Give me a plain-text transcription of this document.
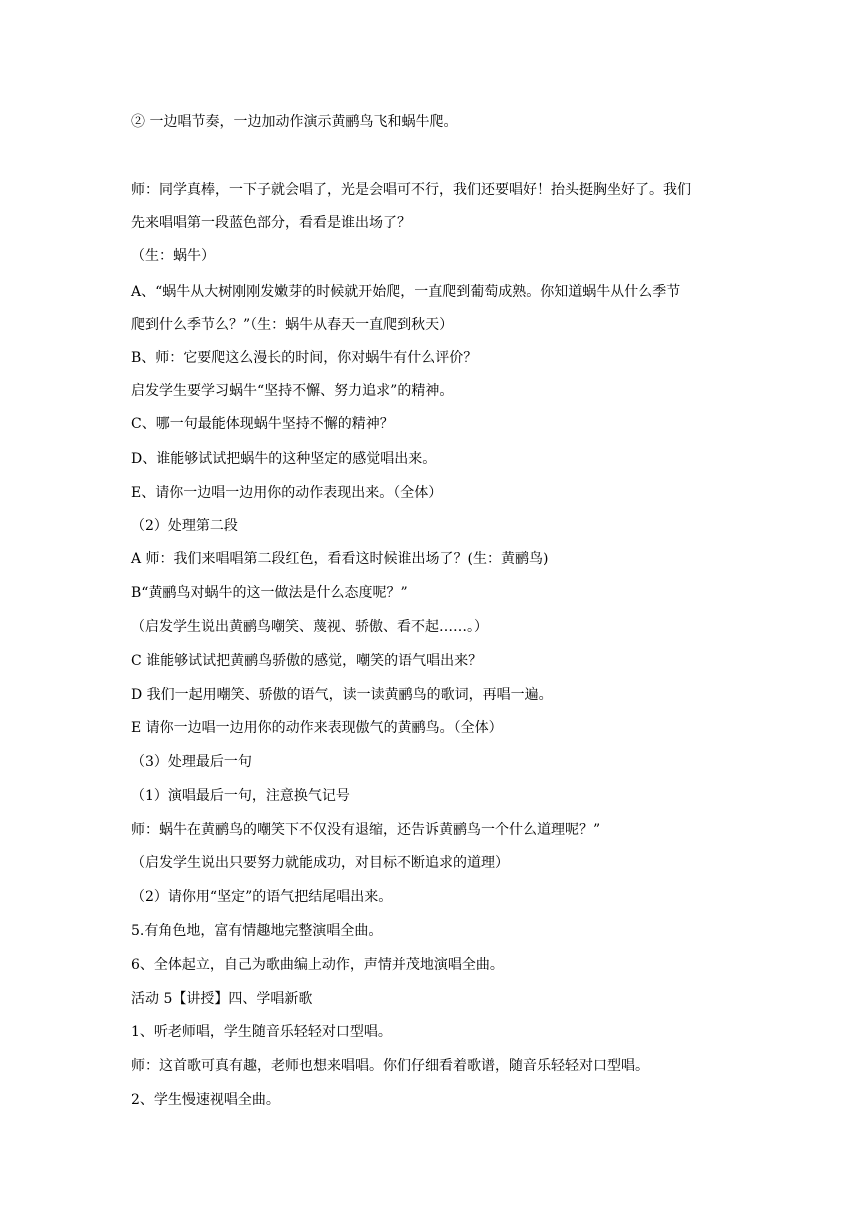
② 一边唱节奏，一边加动作演示黄鹂鸟飞和蜗牛爬。
师：同学真棒，一下子就会唱了，光是会唱可不行，我们还要唱好！抬头挺胸坐好了。我们
先来唱唱第一段蓝色部分，看看是谁出场了？
（生：蜗牛）
A、“蜗牛从大树刚刚发嫩芽的时候就开始爬，一直爬到葡萄成熟。你知道蜗牛从什么季节
爬到什么季节么？”（生：蜗牛从春天一直爬到秋天）
B、师：它要爬这么漫长的时间，你对蜗牛有什么评价？
启发学生要学习蜗牛“坚持不懈、努力追求”的精神。
C、哪一句最能体现蜗牛坚持不懈的精神？
D、谁能够试试把蜗牛的这种坚定的感觉唱出来。
E、请你一边唱一边用你的动作表现出来。（全体）
（2）处理第二段
A 师：我们来唱唱第二段红色，看看这时候谁出场了？(生：黄鹂鸟)
B“黄鹂鸟对蜗牛的这一做法是什么态度呢？”
（启发学生说出黄鹂鸟嘲笑、蔑视、骄傲、看不起……。）
C 谁能够试试把黄鹂鸟骄傲的感觉，嘲笑的语气唱出来？
D 我们一起用嘲笑、骄傲的语气，读一读黄鹂鸟的歌词，再唱一遍。
E 请你一边唱一边用你的动作来表现傲气的黄鹂鸟。（全体）
（3）处理最后一句
（1）演唱最后一句，注意换气记号
师：蜗牛在黄鹂鸟的嘲笑下不仅没有退缩，还告诉黄鹂鸟一个什么道理呢？”
（启发学生说出只要努力就能成功，对目标不断追求的道理）
（2）请你用“坚定”的语气把结尾唱出来。
5.有角色地，富有情趣地完整演唱全曲。
6、全体起立，自己为歌曲编上动作，声情并茂地演唱全曲。
活动 5【讲授】四、学唱新歌
1、听老师唱，学生随音乐轻轻对口型唱。
师：这首歌可真有趣，老师也想来唱唱。你们仔细看着歌谱，随音乐轻轻对口型唱。
2、学生慢速视唱全曲。
